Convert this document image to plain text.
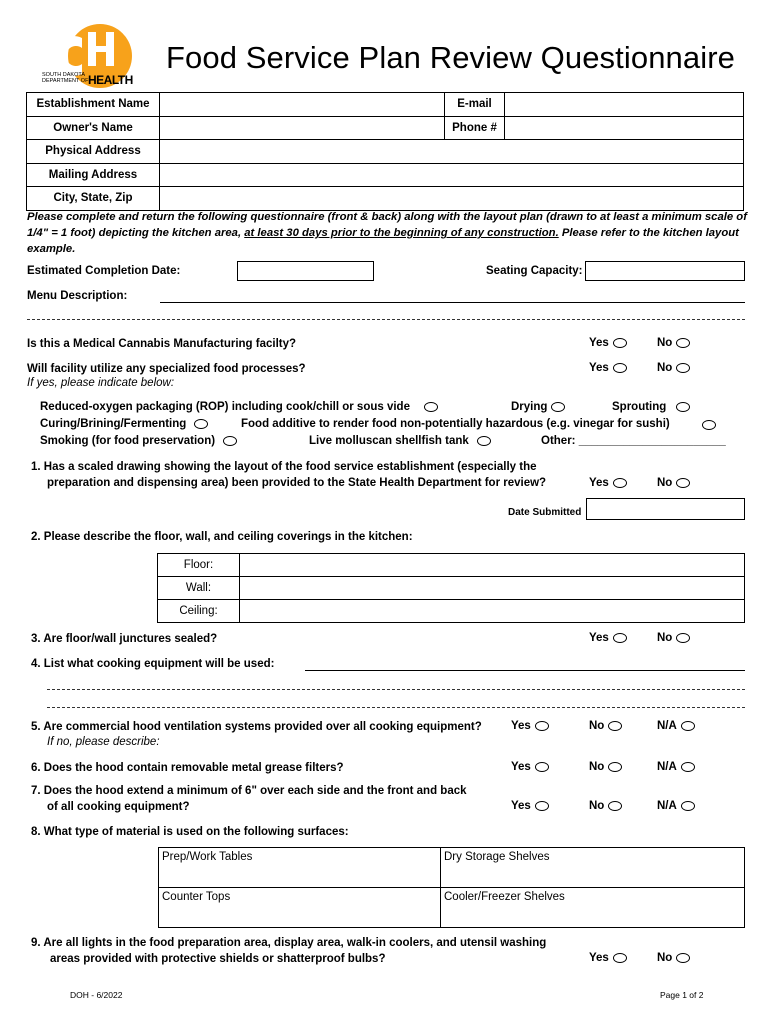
SOUTH DAKOTA
DEPARTMENT OF HEALTH
Food Service Plan Review Questionnaire
Establishment Name		E-mail	
Owner's Name		Phone #	
Physical Address			
Mailing Address			
City, State, Zip			
Please complete and return the following questionnaire (front & back) along with the layout plan (drawn to at least a minimum scale of 1/4" = 1 foot) depicting the kitchen area, at least 30 days prior to the beginning of any construction. Please refer to the kitchen layout example.
Estimated Completion Date:	Seating Capacity:
Menu Description:
Is this a Medical Cannabis Manufacturing facilty?	Yes	No
Will facility utilize any specialized food processes?	Yes	No
If yes, please indicate below:
Reduced-oxygen packaging (ROP) including cook/chill or sous vide	Drying	Sprouting
Curing/Brining/Fermenting	Food additive to render food non-potentially hazardous (e.g. vinegar for sushi)
Smoking (for food preservation)	Live molluscan shellfish tank	Other: _______________________
1. Has a scaled drawing showing the layout of the food service establishment (especially the
preparation and dispensing area) been provided to the State Health Department for review?	Yes	No
Date Submitted
2. Please describe the floor, wall, and ceiling coverings in the kitchen:
Floor:	
Wall:	
Ceiling:	
3. Are floor/wall junctures sealed?	Yes	No
4. List what cooking equipment will be used:
5. Are commercial hood ventilation systems provided over all cooking equipment?	Yes	No	N/A
If no, please describe:
6. Does the hood contain removable metal grease filters?	Yes	No	N/A
7. Does the hood extend a minimum of 6" over each side and the front and back
of all cooking equipment?	Yes	No	N/A
8. What type of material is used on the following surfaces:
Prep/Work Tables	Dry Storage Shelves
Counter Tops	Cooler/Freezer Shelves
9. Are all lights in the food preparation area, display area, walk-in coolers, and utensil washing
areas provided with protective shields or shatterproof bulbs?	Yes	No
DOH - 6/2022	Page 1 of 2
